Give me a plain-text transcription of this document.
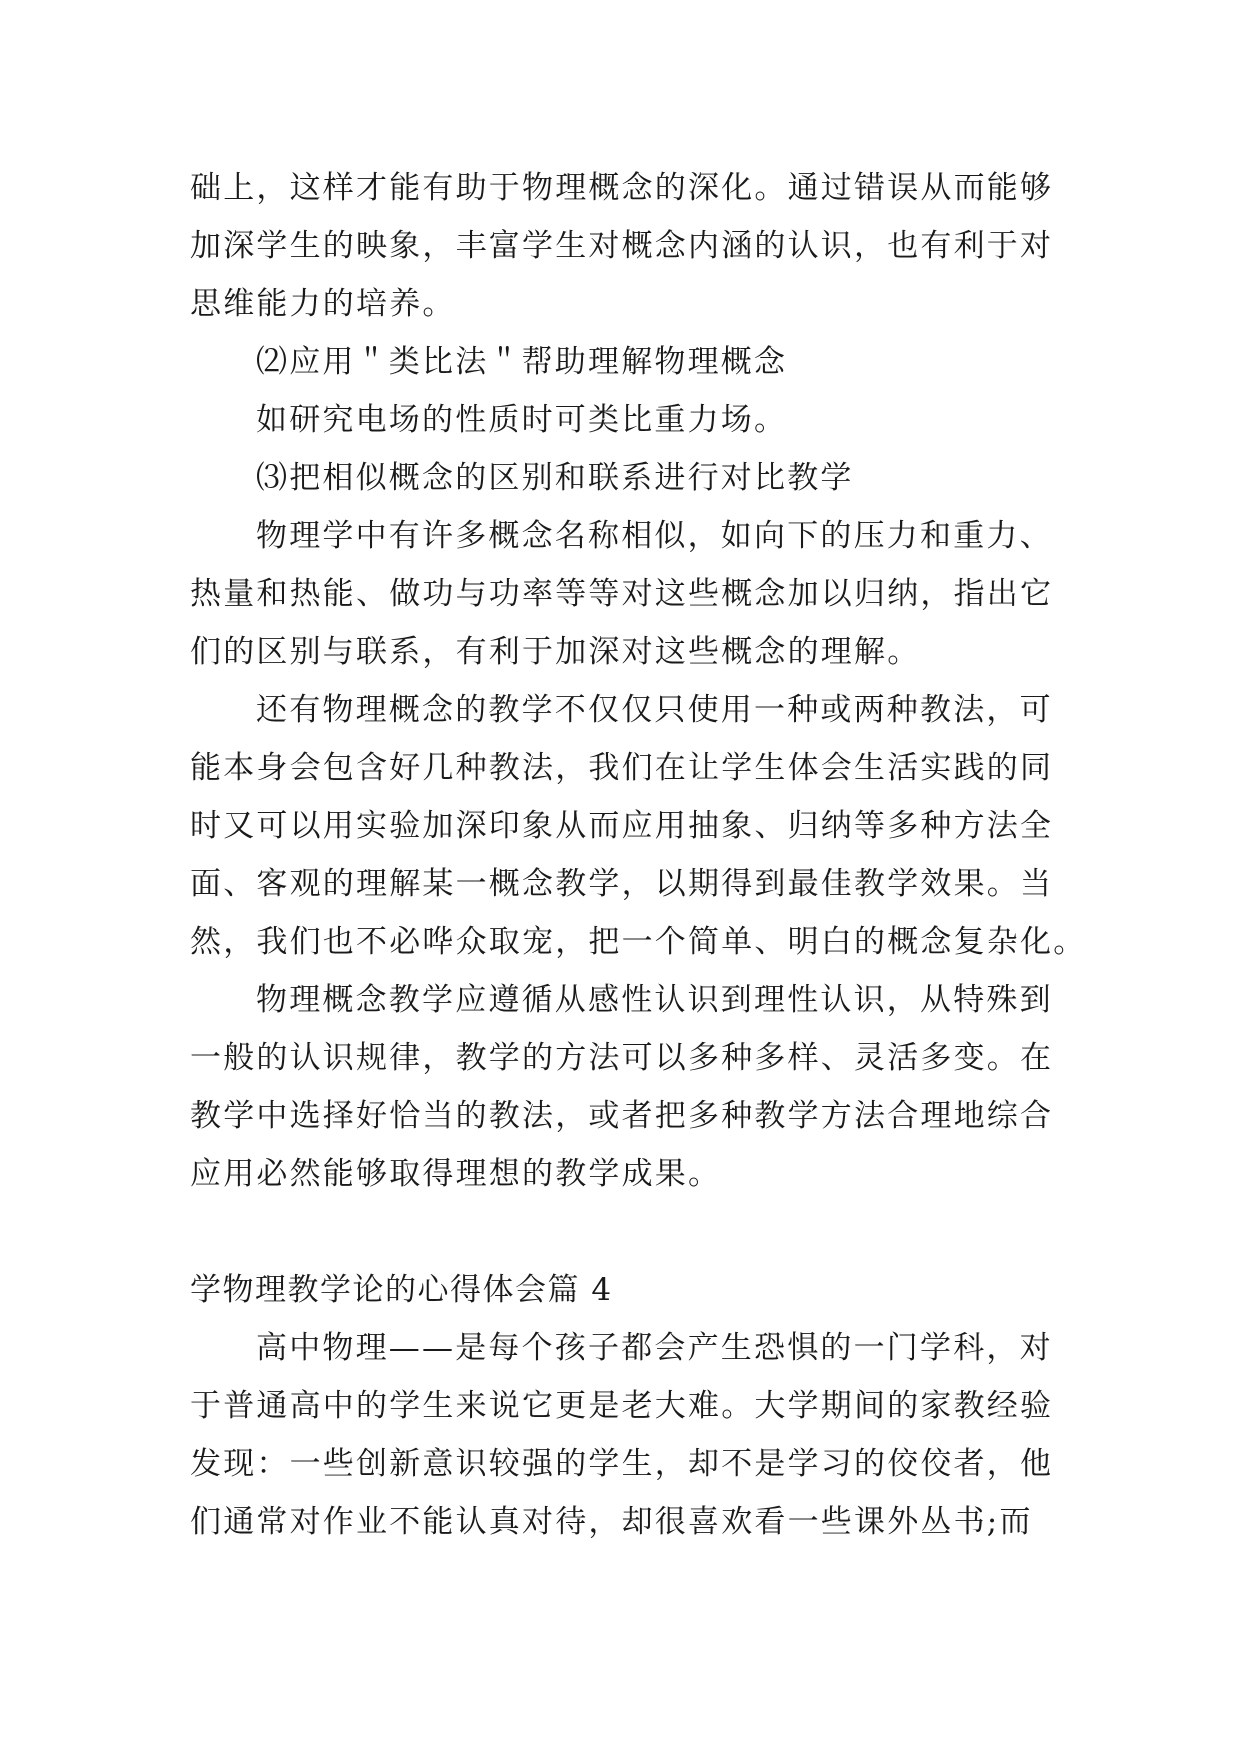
础上，这样才能有助于物理概念的深化。通过错误从而能够
加深学生的映象，丰富学生对概念内涵的认识，也有利于对
思维能力的培养。

⑵应用＂类比法＂帮助理解物理概念

如研究电场的性质时可类比重力场。

⑶把相似概念的区别和联系进行对比教学

物理学中有许多概念名称相似，如向下的压力和重力、
热量和热能、做功与功率等等对这些概念加以归纳，指出它
们的区别与联系，有利于加深对这些概念的理解。

还有物理概念的教学不仅仅只使用一种或两种教法，可
能本身会包含好几种教法，我们在让学生体会生活实践的同
时又可以用实验加深印象从而应用抽象、归纳等多种方法全
面、客观的理解某一概念教学，以期得到最佳教学效果。当
然，我们也不必哗众取宠，把一个简单、明白的概念复杂化。

物理概念教学应遵循从感性认识到理性认识，从特殊到
一般的认识规律，教学的方法可以多种多样、灵活多变。在
教学中选择好恰当的教法，或者把多种教学方法合理地综合
应用必然能够取得理想的教学成果。

学物理教学论的心得体会篇 4

高中物理——是每个孩子都会产生恐惧的一门学科，对
于普通高中的学生来说它更是老大难。大学期间的家教经验
发现：一些创新意识较强的学生，却不是学习的佼佼者，他
们通常对作业不能认真对待，却很喜欢看一些课外丛书;而
